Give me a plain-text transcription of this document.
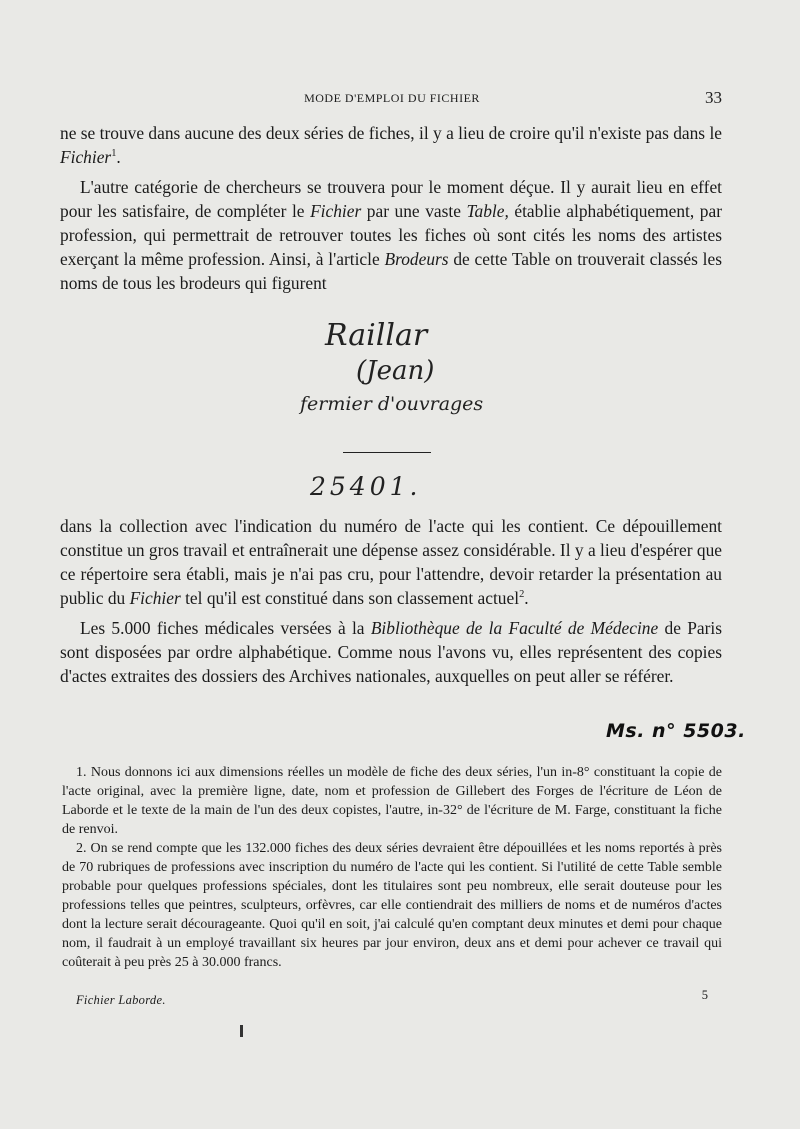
MODE D'EMPLOI DU FICHIER	33

ne se trouve dans aucune des deux séries de fiches, il y a lieu de croire qu'il n'existe pas dans le Fichier$^1$.

L'autre catégorie de chercheurs se trouvera pour le moment déçue. Il y aurait lieu en effet pour les satisfaire, de compléter le Fichier par une vaste Table, établie alphabétiquement, par profession, qui permettrait de retrouver toutes les fiches où sont cités les noms des artistes exerçant la même profession. Ainsi, à l'article Brodeurs de cette Table on trouverait classés les noms de tous les brodeurs qui figurent

Raillar
(Jean)
fermier d'ouvrages
25401.

dans la collection avec l'indication du numéro de l'acte qui les contient. Ce dépouillement constitue un gros travail et entraînerait une dépense assez considérable. Il y a lieu d'espérer que ce répertoire sera établi, mais je n'ai pas cru, pour l'attendre, devoir retarder la présentation au public du Fichier tel qu'il est constitué dans son classement actuel$^2$.

Les 5.000 fiches médicales versées à la Bibliothèque de la Faculté de Médecine de Paris sont disposées par ordre alphabétique. Comme nous l'avons vu, elles représentent des copies d'actes extraites des dossiers des Archives nationales, auxquelles on peut aller se référer.

Ms. n° 5503.

1. Nous donnons ici aux dimensions réelles un modèle de fiche des deux séries, l'un in-8° constituant la copie de l'acte original, avec la première ligne, date, nom et profession de Gillebert des Forges de l'écriture de Léon de Laborde et le texte de la main de l'un des deux copistes, l'autre, in-32° de l'écriture de M. Farge, constituant la fiche de renvoi.

2. On se rend compte que les 132.000 fiches des deux séries devraient être dépouillées et les noms reportés à près de 70 rubriques de professions avec inscription du numéro de l'acte qui les contient. Si l'utilité de cette Table semble probable pour quelques professions spéciales, dont les titulaires sont peu nombreux, elle serait douteuse pour les professions telles que peintres, sculpteurs, orfèvres, car elle contiendrait des milliers de noms et de numéros d'actes dont la lecture serait décourageante. Quoi qu'il en soit, j'ai calculé qu'en comptant deux minutes et demi pour chaque nom, il faudrait à un employé travaillant six heures par jour environ, deux ans et demi pour achever ce travail qui coûterait à peu près 25 à 30.000 francs.

Fichier Laborde.	5
